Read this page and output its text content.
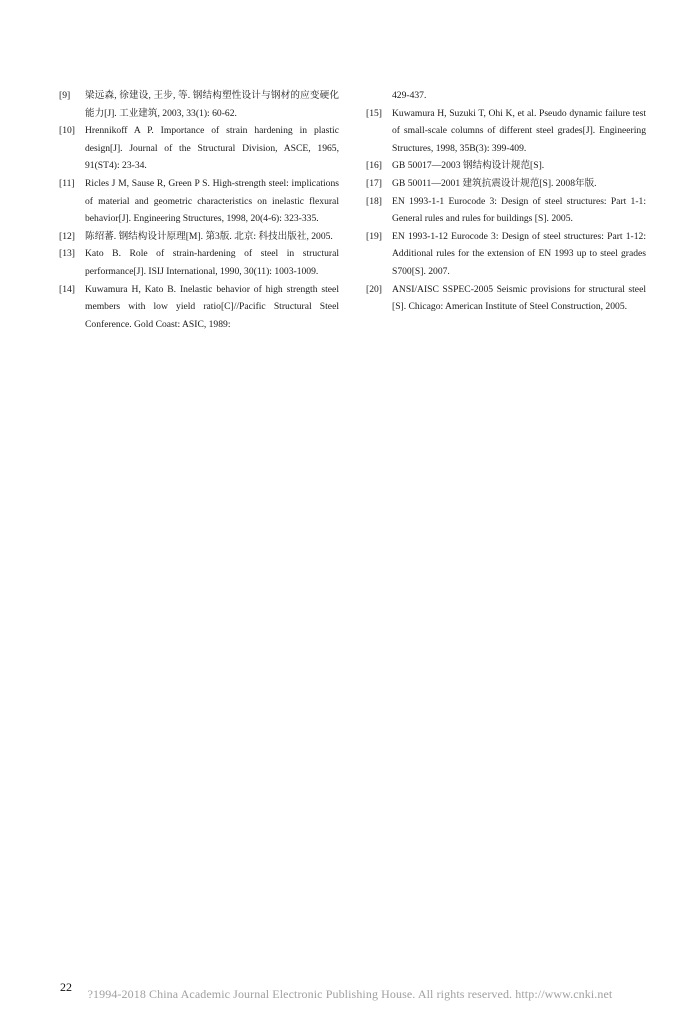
[9]	梁远森, 徐建设, 王步, 等. 钢结构塑性设计与钢材的应变硬化能力[J]. 工业建筑, 2003, 33(1): 60-62.
[10]	Hrennikoff A P. Importance of strain hardening in plastic design[J]. Journal of the Structural Division, ASCE, 1965, 91(ST4): 23-34.
[11]	Ricles J M, Sause R, Green P S. High-strength steel: implications of material and geometric characteristics on inelastic flexural behavior[J]. Engineering Structures, 1998, 20(4-6): 323-335.
[12]	陈绍蕃. 钢结构设计原理[M]. 第3版. 北京: 科技出版社, 2005.
[13]	Kato B. Role of strain-hardening of steel in structural performance[J]. ISIJ International, 1990, 30(11): 1003-1009.
[14]	Kuwamura H, Kato B. Inelastic behavior of high strength steel members with low yield ratio[C]//Pacific Structural Steel Conference. Gold Coast: ASIC, 1989:
429-437.
[15]	Kuwamura H, Suzuki T, Ohi K, et al. Pseudo dynamic failure test of small-scale columns of different steel grades[J]. Engineering Structures, 1998, 35B(3): 399-409.
[16]	GB 50017—2003 钢结构设计规范[S].
[17]	GB 50011—2001 建筑抗震设计规范[S]. 2008年版.
[18]	EN 1993-1-1 Eurocode 3: Design of steel structures: Part 1-1: General rules and rules for buildings [S]. 2005.
[19]	EN 1993-1-12 Eurocode 3: Design of steel structures: Part 1-12: Additional rules for the extension of EN 1993 up to steel grades S700[S]. 2007.
[20]	ANSI/AISC SSPEC-2005 Seismic provisions for structural steel [S]. Chicago: American Institute of Steel Construction, 2005.
22	?1994-2018 China Academic Journal Electronic Publishing House. All rights reserved. http://www.cnki.net
